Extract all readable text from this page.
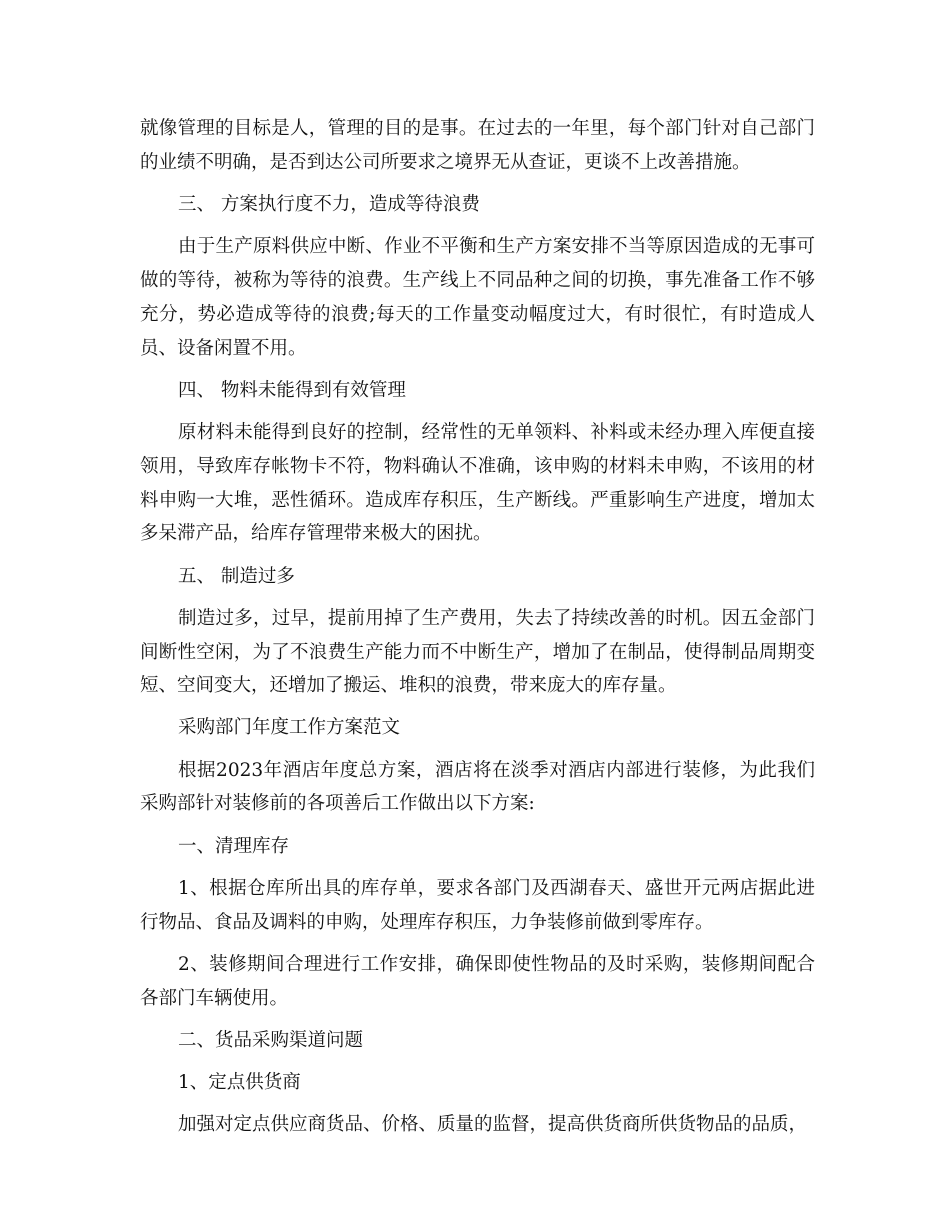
就像管理的目标是人，管理的目的是事。在过去的一年里，每个部门针对自己部门的业绩不明确，是否到达公司所要求之境界无从查证，更谈不上改善措施。

三、 方案执行度不力，造成等待浪费

由于生产原料供应中断、作业不平衡和生产方案安排不当等原因造成的无事可做的等待，被称为等待的浪费。生产线上不同品种之间的切换，事先准备工作不够充分，势必造成等待的浪费;每天的工作量变动幅度过大，有时很忙，有时造成人员、设备闲置不用。

四、 物料未能得到有效管理

原材料未能得到良好的控制，经常性的无单领料、补料或未经办理入库便直接领用，导致库存帐物卡不符，物料确认不准确，该申购的材料未申购，不该用的材料申购一大堆，恶性循环。造成库存积压，生产断线。严重影响生产进度，增加太多呆滞产品，给库存管理带来极大的困扰。

五、 制造过多

制造过多，过早，提前用掉了生产费用，失去了持续改善的时机。因五金部门间断性空闲，为了不浪费生产能力而不中断生产，增加了在制品，使得制品周期变短、空间变大，还增加了搬运、堆积的浪费，带来庞大的库存量。

采购部门年度工作方案范文

根据2023年酒店年度总方案，酒店将在淡季对酒店内部进行装修，为此我们采购部针对装修前的各项善后工作做出以下方案:

一、清理库存

1、根据仓库所出具的库存单，要求各部门及西湖春天、盛世开元两店据此进行物品、食品及调料的申购，处理库存积压，力争装修前做到零库存。

2、装修期间合理进行工作安排，确保即使性物品的及时采购，装修期间配合各部门车辆使用。

二、货品采购渠道问题

1、定点供货商

加强对定点供应商货品、价格、质量的监督，提高供货商所供货物品的品质，
